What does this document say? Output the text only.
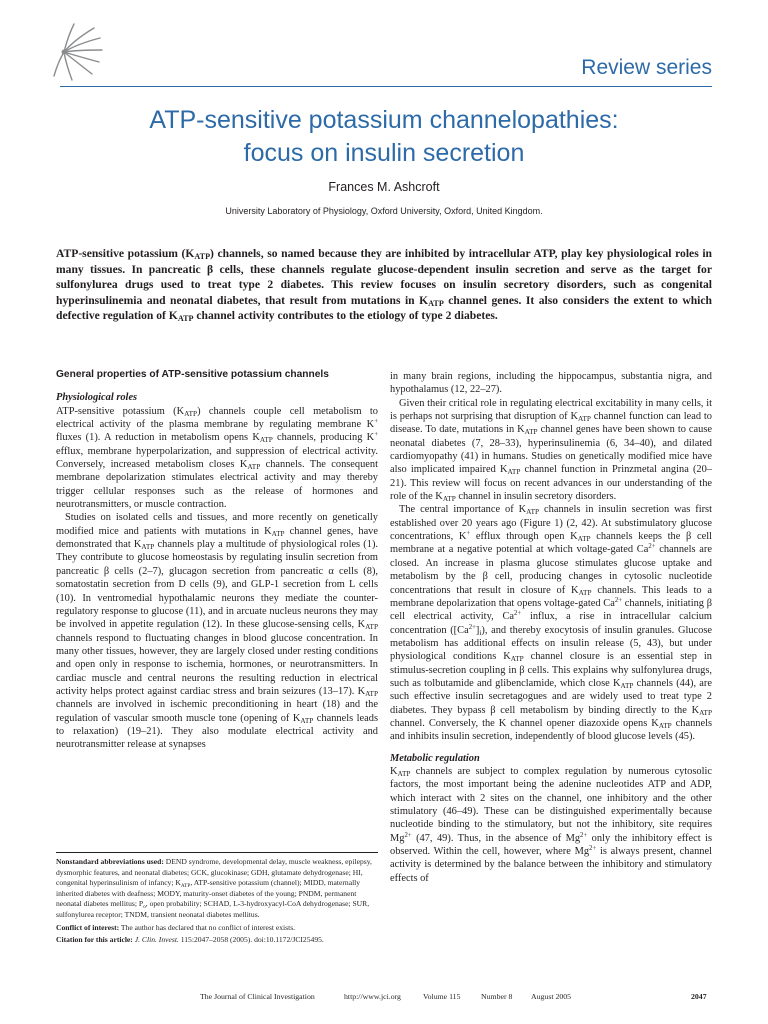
Review series
ATP-sensitive potassium channelopathies:
focus on insulin secretion
Frances M. Ashcroft
University Laboratory of Physiology, Oxford University, Oxford, United Kingdom.

ATP-sensitive potassium $(K_{ATP})$ channels, so named because they are inhibited by intracellular ATP, play key physiological roles in many tissues. In pancreatic β cells, these channels regulate glucose-dependent insulin secretion and serve as the target for sulfonylurea drugs used to treat type 2 diabetes. This review focuses on insulin secretory disorders, such as congenital hyperinsulinemia and neonatal diabetes, that result from mutations in $K_{ATP}$ channel genes. It also considers the extent to which defective regulation of $K_{ATP}$ channel activity contributes to the etiology of type 2 diabetes.

General properties of ATP-sensitive potassium channels
Physiological roles

ATP-sensitive potassium $(K_{ATP})$ channels couple cell metabolism to electrical activity of the plasma membrane by regulating membrane K+ fluxes (1). A reduction in metabolism opens $K_{ATP}$ channels, producing K+ efflux, membrane hyperpolarization, and suppression of electrical activity. Conversely, increased metabolism closes $K_{ATP}$ channels. The consequent membrane depolarization stimulates electrical activity and may thereby trigger cellular responses such as the release of hormones and neurotransmitters, or muscle contraction.

Studies on isolated cells and tissues, and more recently on genetically modified mice and patients with mutations in $K_{ATP}$ channel genes, have demonstrated that $K_{ATP}$ channels play a multitude of physiological roles (1). They contribute to glucose homeostasis by regulating insulin secretion from pancreatic β cells (2–7), glucagon secretion from pancreatic α cells (8), somatostatin secretion from D cells (9), and GLP-1 secretion from L cells (10). In ventromedial hypothalamic neurons they mediate the counter-regulatory response to glucose (11), and in arcuate nucleus neurons they may be involved in appetite regulation (12). In these glucose-sensing cells, $K_{ATP}$ channels respond to fluctuating changes in blood glucose concentration. In many other tissues, however, they are largely closed under resting conditions and open only in response to ischemia, hormones, or neurotransmitters. In cardiac muscle and central neurons the resulting reduction in electrical activity helps protect against cardiac stress and brain seizures (13–17). $K_{ATP}$ channels are involved in ischemic preconditioning in heart (18) and the regulation of vascular smooth muscle tone (opening of $K_{ATP}$ channels leads to relaxation) (19–21). They also modulate electrical activity and neurotransmitter release at synapses

in many brain regions, including the hippocampus, substantia nigra, and hypothalamus (12, 22–27).

Given their critical role in regulating electrical excitability in many cells, it is perhaps not surprising that disruption of $K_{ATP}$ channel function can lead to disease. To date, mutations in $K_{ATP}$ channel genes have been shown to cause neonatal diabetes (7, 28–33), hyperinsulinemia (6, 34–40), and dilated cardiomyopathy (41) in humans. Studies on genetically modified mice have also implicated impaired $K_{ATP}$ channel function in Prinzmetal angina (20–21). This review will focus on recent advances in our understanding of the role of the $K_{ATP}$ channel in insulin secretory disorders.

The central importance of $K_{ATP}$ channels in insulin secretion was first established over 20 years ago (Figure 1) (2, 42). At substimulatory glucose concentrations, K+ efflux through open $K_{ATP}$ channels keeps the β cell membrane at a negative potential at which voltage-gated $Ca^{2+}$ channels are closed. An increase in plasma glucose stimulates glucose uptake and metabolism by the β cell, producing changes in cytosolic nucleotide concentrations that result in closure of $K_{ATP}$ channels. This leads to a membrane depolarization that opens voltage-gated $Ca^{2+}$ channels, initiating β cell electrical activity, $Ca^{2+}$ influx, a rise in intracellular calcium concentration $([Ca^{2+}]_i)$, and thereby exocytosis of insulin granules. Glucose metabolism has additional effects on insulin release (5, 43), but under physiological conditions $K_{ATP}$ channel closure is an essential step in stimulus-secretion coupling in β cells. This explains why sulfonylurea drugs, such as tolbutamide and glibenclamide, which close $K_{ATP}$ channels (44), are such effective insulin secretagogues and are widely used to treat type 2 diabetes. They bypass β cell metabolism by binding directly to the $K_{ATP}$ channel. Conversely, the K channel opener diazoxide opens $K_{ATP}$ channels and inhibits insulin secretion, independently of blood glucose levels (45).

Metabolic regulation

$K_{ATP}$ channels are subject to complex regulation by numerous cytosolic factors, the most important being the adenine nucleotides ATP and ADP, which interact with 2 sites on the channel, one inhibitory and the other stimulatory (46–49). These can be distinguished experimentally because nucleotide binding to the stimulatory, but not the inhibitory, site requires $Mg^{2+}$ (47, 49). Thus, in the absence of $Mg^{2+}$ only the inhibitory effect is observed. Within the cell, however, where $Mg^{2+}$ is always present, channel activity is determined by the balance between the inhibitory and stimulatory effects of

Nonstandard abbreviations used: DEND syndrome, developmental delay, muscle weakness, epilepsy, dysmorphic features, and neonatal diabetes; GCK, glucokinase; GDH, glutamate dehydrogenase; HI, congenital hyperinsulinism of infancy; $K_{ATP}$, ATP-sensitive potassium (channel); MIDD, maternally inherited diabetes with deafness; MODY, maturity-onset diabetes of the young; PNDM, permanent neonatal diabetes mellitus; $P_o$, open probability; SCHAD, L-3-hydroxyacyl-CoA dehydrogenase; SUR, sulfonylurea receptor; TNDM, transient neonatal diabetes mellitus.

Conflict of interest: The author has declared that no conflict of interest exists.

Citation for this article: J. Clin. Invest. 115:2047–2058 (2005). doi:10.1172/JCI25495.

The Journal of Clinical Investigation	http://www.jci.org	Volume 115	Number 8 August 2005	2047
